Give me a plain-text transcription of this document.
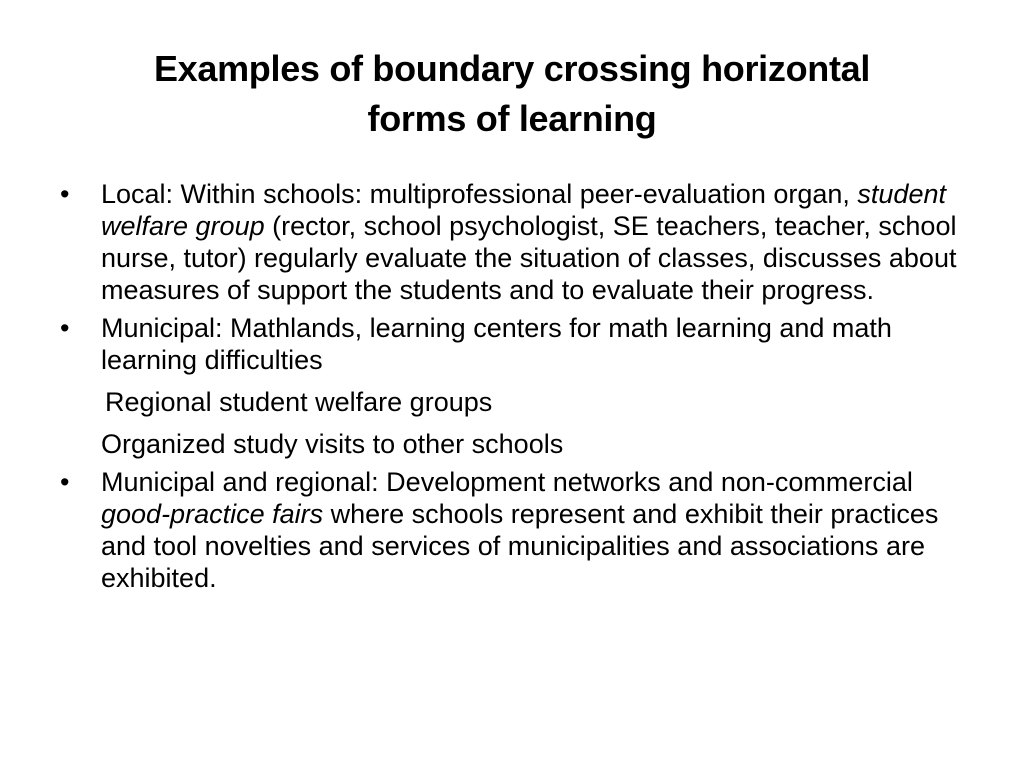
Examples of boundary crossing horizontal
forms of learning
•	Local: Within schools: multiprofessional peer-evaluation organ, student welfare group (rector, school psychologist, SE teachers, teacher, school nurse, tutor) regularly evaluate the situation of classes, discusses about measures of support the students and to evaluate their progress.
•	Municipal: Mathlands, learning centers for math learning and math learning difficulties
Regional student welfare groups
Organized study visits to other schools
•	Municipal and regional: Development networks and non-commercial good-practice fairs where schools represent and exhibit their practices and tool novelties and services of municipalities and associations are exhibited.
